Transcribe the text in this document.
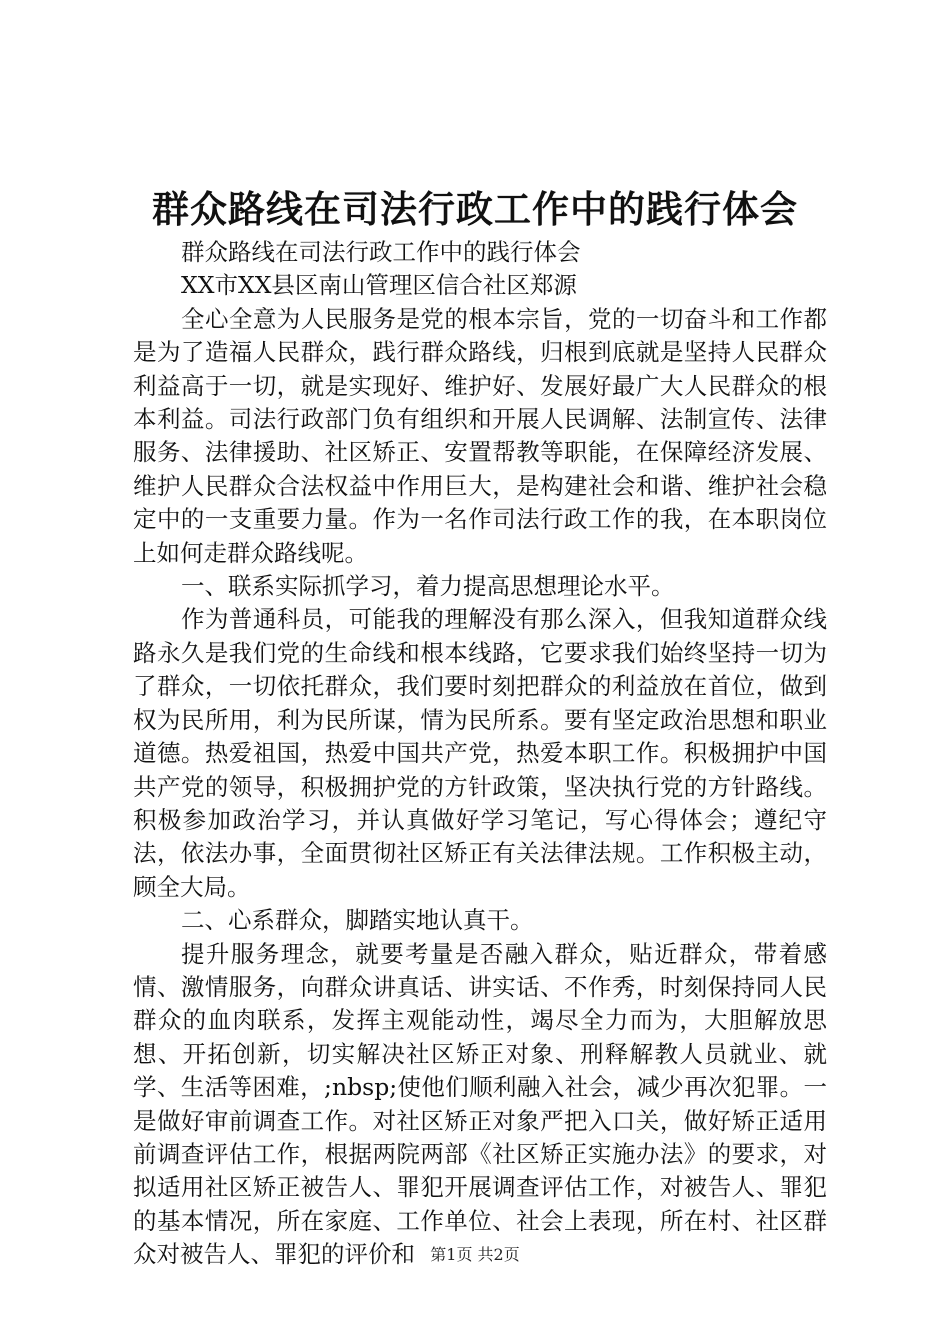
群众路线在司法行政工作中的践行体会

群众路线在司法行政工作中的践行体会

XX市XX县区南山管理区信合社区郑源

全心全意为人民服务是党的根本宗旨，党的一切奋斗和工作都是为了造福人民群众，践行群众路线，归根到底就是坚持人民群众利益高于一切，就是实现好、维护好、发展好最广大人民群众的根本利益。司法行政部门负有组织和开展人民调解、法制宣传、法律服务、法律援助、社区矫正、安置帮教等职能，在保障经济发展、维护人民群众合法权益中作用巨大，是构建社会和谐、维护社会稳定中的一支重要力量。作为一名作司法行政工作的我，在本职岗位上如何走群众路线呢。

一、联系实际抓学习，着力提高思想理论水平。

作为普通科员，可能我的理解没有那么深入，但我知道群众线路永久是我们党的生命线和根本线路，它要求我们始终坚持一切为了群众，一切依托群众，我们要时刻把群众的利益放在首位，做到权为民所用，利为民所谋，情为民所系。要有坚定政治思想和职业道德。热爱祖国，热爱中国共产党，热爱本职工作。积极拥护中国共产党的领导，积极拥护党的方针政策，坚决执行党的方针路线。积极参加政治学习，并认真做好学习笔记，写心得体会；遵纪守法，依法办事，全面贯彻社区矫正有关法律法规。工作积极主动，顾全大局。

二、心系群众，脚踏实地认真干。

提升服务理念，就要考量是否融入群众，贴近群众，带着感情、激情服务，向群众讲真话、讲实话、不作秀，时刻保持同人民群众的血肉联系，发挥主观能动性，竭尽全力而为，大胆解放思想、开拓创新，切实解决社区矫正对象、刑释解教人员就业、就学、生活等困难，;nbsp;使他们顺利融入社会，减少再次犯罪。一是做好审前调查工作。对社区矫正对象严把入口关，做好矫正适用前调查评估工作，根据两院两部《社区矫正实施办法》的要求，对拟适用社区矫正被告人、罪犯开展调查评估工作，对被告人、罪犯的基本情况，所在家庭、工作单位、社会上表现，所在村、社区群众对被告人、罪犯的评价和 第1页 共2页
